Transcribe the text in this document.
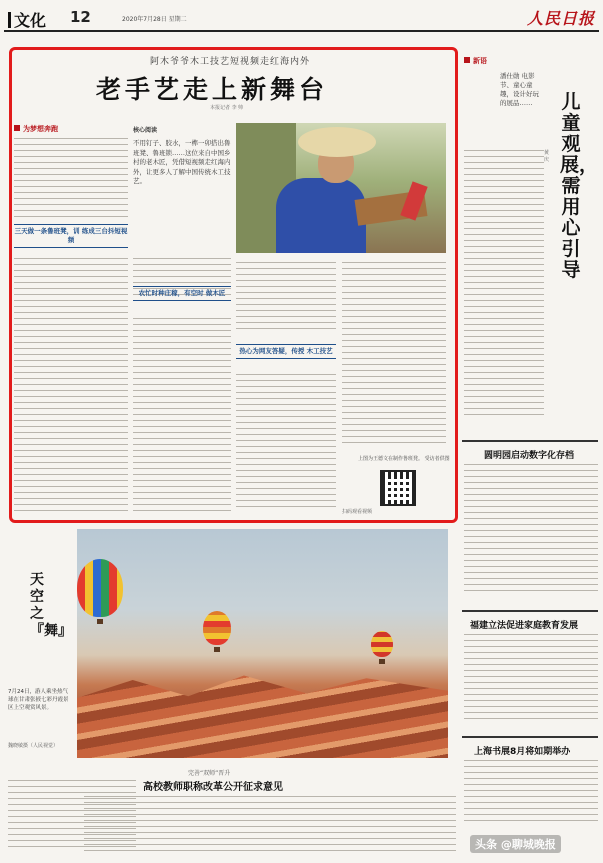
文化 12	2020年7月28日 星期二	人民日报
阿木爷爷木工技艺短视频走红海内外
老手艺走上新舞台
本报记者 李 帅
为梦想奔跑
三天做一条鲁班凳，训 练成三台抖短视频
核心阅读
不用钉子、胶水，一榫一卯搭出鲁班凳、鲁班锁……这位来自中国乡村的老木匠，凭借短视频走红海内外，让更多人了解中国传统木工技艺。
农忙时种庄稼，有空时 做木匠
热心为网友答疑，传授 木工技艺
上图为王德文在制作鲁班凳。 受访者供图
扫码观看视频
新语
潘仕勋 电影节、童心童趣，设计好玩的展品……	儿童观展，需用心引导
黄 庆
圆明园启动数字化存档
福建立法促进家庭教育发展
上海书展8月将如期举办
天空之『舞』
7月24日，游人乘坐热气球在甘肃张掖七彩丹霞景区上空观赏风景。
魏晓敏摄（人民视觉）
完善“双师”晋升
高校教师职称改革公开征求意见
头条 @聊城晚报
